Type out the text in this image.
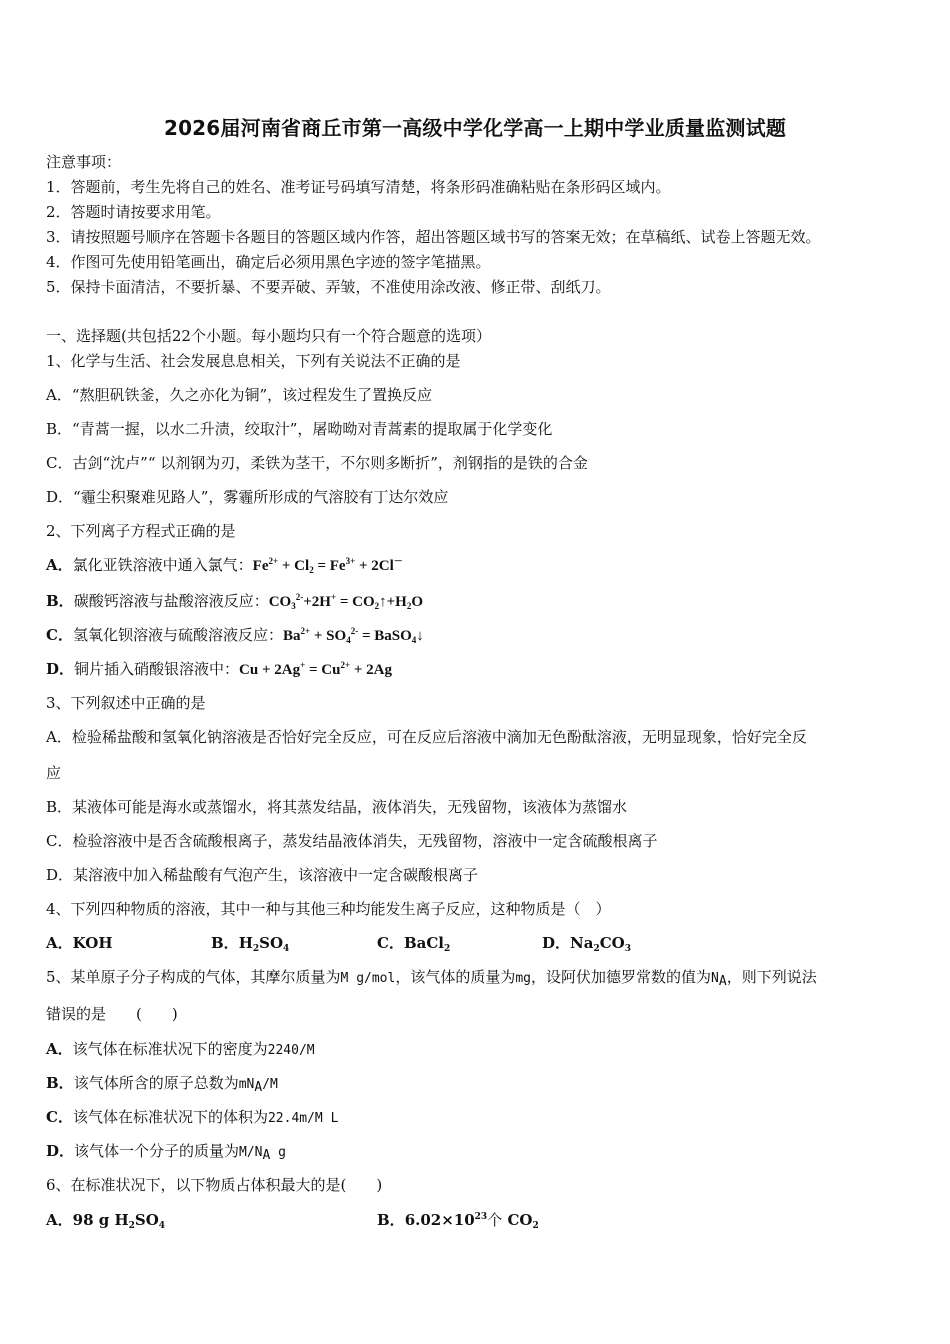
2026届河南省商丘市第一高级中学化学高一上期中学业质量监测试题
注意事项：
1．答题前，考生先将自己的姓名、准考证号码填写清楚，将条形码准确粘贴在条形码区域内。
2．答题时请按要求用笔。
3．请按照题号顺序在答题卡各题目的答题区域内作答，超出答题区域书写的答案无效；在草稿纸、试卷上答题无效。
4．作图可先使用铅笔画出，确定后必须用黑色字迹的签字笔描黑。
5．保持卡面清洁，不要折暴、不要弄破、弄皱，不准使用涂改液、修正带、刮纸刀。
一、选择题(共包括22个小题。每小题均只有一个符合题意的选项）
1、化学与生活、社会发展息息相关，下列有关说法不正确的是
A．“熬胆矾铁釜，久之亦化为铜”，该过程发生了置换反应
B．“青蒿一握，以水二升渍，绞取汁”，屠呦呦对青蒿素的提取属于化学变化
C．古剑“沈卢”“ 以剂钢为刃，柔铁为茎干，不尔则多断折”，剂钢指的是铁的合金
D．“霾尘积聚难见路人”，雾霾所形成的气溶胶有丁达尔效应
2、下列离子方程式正确的是
A．氯化亚铁溶液中通入氯气：$Fe^{2+} + Cl_2 = Fe^{3+} + 2Cl^-$
B．碳酸钙溶液与盐酸溶液反应：$CO_3^{2-}+2H^+$ = $CO_2↑+H_2O$
C．氢氧化钡溶液与硫酸溶液反应：$Ba^{2+} + SO_4^{2-}$ = BaSO$_4$↓
D．铜片插入硝酸银溶液中：$Cu + 2Ag^+ = Cu^{2+} + 2Ag$
3、下列叙述中正确的是
A．检验稀盐酸和氢氧化钠溶液是否恰好完全反应，可在反应后溶液中滴加无色酚酞溶液，无明显现象，恰好完全反
应
B．某液体可能是海水或蒸馏水，将其蒸发结晶，液体消失，无残留物，该液体为蒸馏水
C．检验溶液中是否含硫酸根离子，蒸发结晶液体消失，无残留物，溶液中一定含硫酸根离子
D．某溶液中加入稀盐酸有气泡产生，该溶液中一定含碳酸根离子
4、下列四种物质的溶液，其中一种与其他三种均能发生离子反应，这种物质是（　）
A．KOH	B．$H_2SO_4$	C．BaCl$_2$	D．$Na_2CO_3$
5、某单原子分子构成的气体，其摩尔质量为M g/mol，该气体的质量为mg，设阿伏加德罗常数的值为$N_A$，则下列说法
错误的是　　(　　)
A．该气体在标准状况下的密度为2240/M
B．该气体所含的原子总数为$mN_A/M$
C．该气体在标准状况下的体积为22.4m/M L
D．该气体一个分子的质量为$M/N_A$ g
6、在标准状况下，以下物质占体积最大的是(　　)
A．98 g $H_2SO_4$	B．$6.02\times 10^{23}$个 $CO_2$
